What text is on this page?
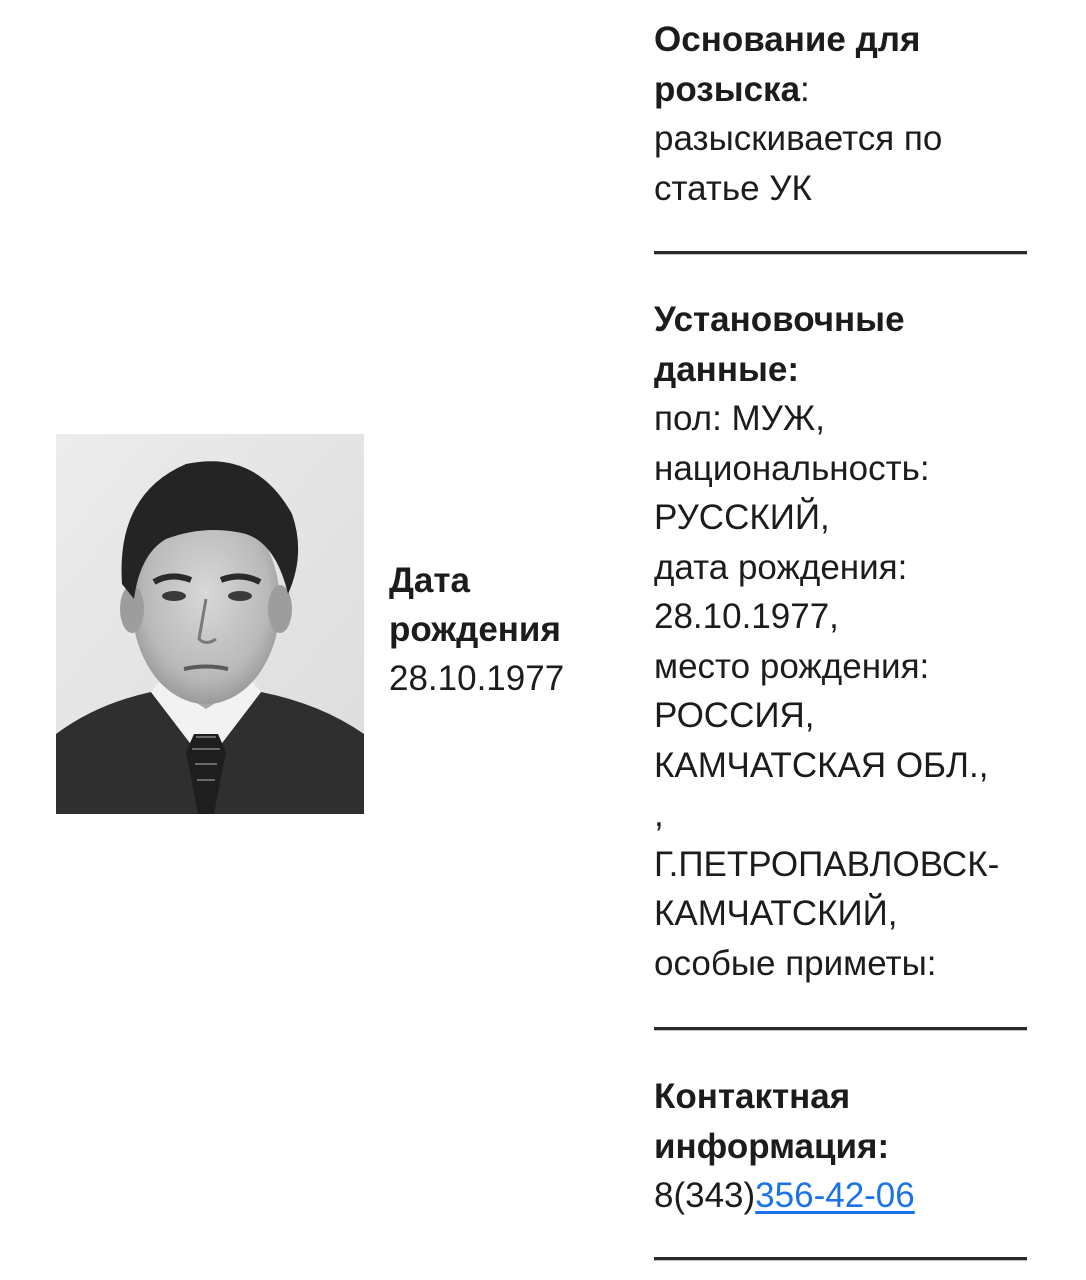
Дата
рождения
28.10.1977
Основание для
розыска:
разыскивается по
статье УК
Установочные
данные:
пол: МУЖ,
национальность:
РУССКИЙ,
дата рождения:
28.10.1977,
место рождения:
РОССИЯ,
КАМЧАТСКАЯ ОБЛ.,
,
Г.ПЕТРОПАВЛОВСК-
КАМЧАТСКИЙ,
особые приметы:
Контактная
информация:
8(343)356-42-06
